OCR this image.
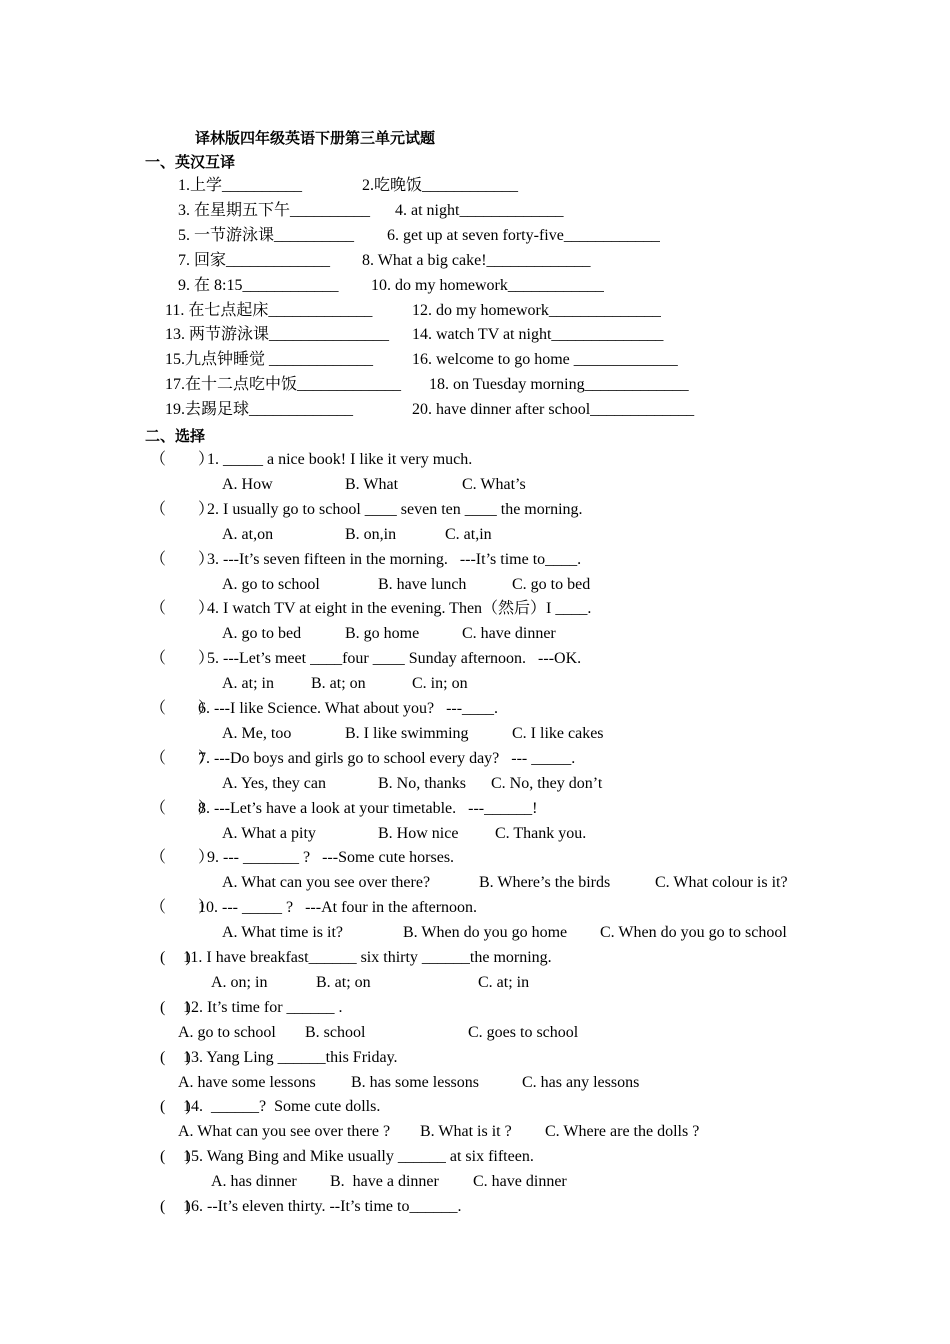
译林版四年级英语下册第三单元试题
一、英汉互译
1.上学__________	2.吃晚饭____________
3. 在星期五下午__________ 4. at night_____________
5. 一节游泳课__________ 6. get up at seven forty-five____________
7. 回家_____________ 8. What a big cake!_____________
9. 在 8:15____________ 10. do my homework____________
11. 在七点起床_____________ 12. do my homework______________
13. 两节游泳课_______________ 14. watch TV at night______________
15.九点钟睡觉 _____________ 16. welcome to go home _____________
17.在十二点吃中饭_____________ 18. on Tuesday morning_____________
19.去踢足球_____________	20. have dinner after school_____________
二、选择
（　　）
1. _____ a nice book! I like it very much.
A. How	B. What	C. What’s
（　　）
2. I usually go to school ____ seven ten ____ the morning.
A. at,on	B. on,in	C. at,in
（　　）
3. ---It’s seven fifteen in the morning.   ---It’s time to____.
A. go to school	B. have lunch	C. go to bed
（　　）
4. I watch TV at eight in the evening. Then（然后）I ____.
A. go to bed	B. go home	C. have dinner
（　　）
5. ---Let’s meet ____four ____ Sunday afternoon.   ---OK.
A. at; in B. at; on	C. in; on
（　　）
6. ---I like Science. What about you?   ---____.
A. Me, too	B. I like swimming	C. I like cakes
（　　）
7. ---Do boys and girls go to school every day?   --- _____.
A. Yes, they can	B. No, thanks C. No, they don’t
（　　）
8. ---Let’s have a look at your timetable.   ---______!
A. What a pity	B. How nice C. Thank you.
（　　）
9. --- _______ ?   ---Some cute horses.
A. What can you see over there?	B. Where’s the birds	C. What colour is it?
（　　）
10. --- _____ ?   ---At four in the afternoon.
A. What time is it?	B. When do you go home C. When do you go to school
(　 )
11. I have breakfast______ six thirty ______the morning.
A. on; in	B. at; on	C. at; in
(　 )
12. It’s time for ______ .
A. go to school B. school	C. goes to school
(　 )
13. Yang Ling ______this Friday.
A. have some lessons B. has some lessons	C. has any lessons
(　 )
14.  ______?  Some cute dolls.
A. What can you see over there ? B. What is it ? C. Where are the dolls ?
(　 )
15. Wang Bing and Mike usually ______ at six fifteen.
A. has dinner B.  have a dinner C. have dinner
(　 )
16. --It’s eleven thirty. --It’s time to______.
